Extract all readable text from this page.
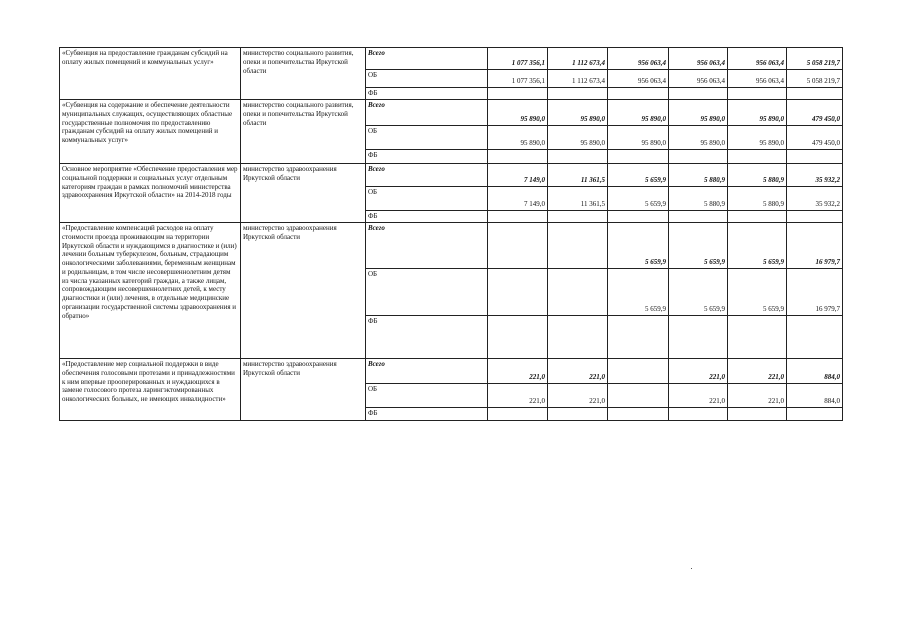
«Субвенция на предоставление гражданам субсидий на оплату жилых помещений и коммунальных услуг»	министерство социального развития, опеки и попечительства Иркутской области	Всего	1 077 356,1	1 112 673,4	956 063,4	956 063,4	956 063,4	5 058 219,7
		ОБ	1 077 356,1	1 112 673,4	956 063,4	956 063,4	956 063,4	5 058 219,7
		ФБ						
«Субвенция на содержание и обеспечение деятельности муниципальных служащих, осуществляющих областные государственные полномочия по предоставлению гражданам субсидий на оплату жилых помещений и коммунальных услуг»	министерство социального развития, опеки и попечительства Иркутской области	Всего	95 890,0	95 890,0	95 890,0	95 890,0	95 890,0	479 450,0
		ОБ	95 890,0	95 890,0	95 890,0	95 890,0	95 890,0	479 450,0
		ФБ						
Основное мероприятие «Обеспечение предоставления мер социальной поддержки и социальных услуг отдельным категориям граждан в рамках полномочий министерства здравоохранения Иркутской области» на 2014-2018 годы	министерство здравоохранения Иркутской области	Всего	7 149,0	11 361,5	5 659,9	5 880,9	5 880,9	35 932,2
		ОБ	7 149,0	11 361,5	5 659,9	5 880,9	5 880,9	35 932,2
		ФБ						
«Предоставление компенсаций расходов на оплату стоимости проезда проживающим на территории Иркутской области и нуждающимся в диагностике и (или) лечении больным туберкулезом, больным, страдающим онкологическими заболеваниями, беременным женщинам и родильницам, в том числе несовершеннолетним детям из числа указанных категорий граждан, а также лицам, сопровождающим несовершеннолетних детей, к месту диагностики и (или) лечения, в отдельные медицинские организации государственной системы здравоохранения и обратно»	министерство здравоохранения Иркутской области	Всего			5 659,9	5 659,9	5 659,9	16 979,7
		ОБ			5 659,9	5 659,9	5 659,9	16 979,7
		ФБ						
«Предоставление мер социальной поддержки в виде обеспечения голосовыми протезами и принадлежностями к ним впервые прооперированных и нуждающихся в замене голосового протеза ларингэктомированных онкологических больных, не имеющих инвалидности»	министерство здравоохранения Иркутской области	Всего	221,0	221,0		221,0	221,0	884,0
		ОБ	221,0	221,0		221,0	221,0	884,0
		ФБ						
